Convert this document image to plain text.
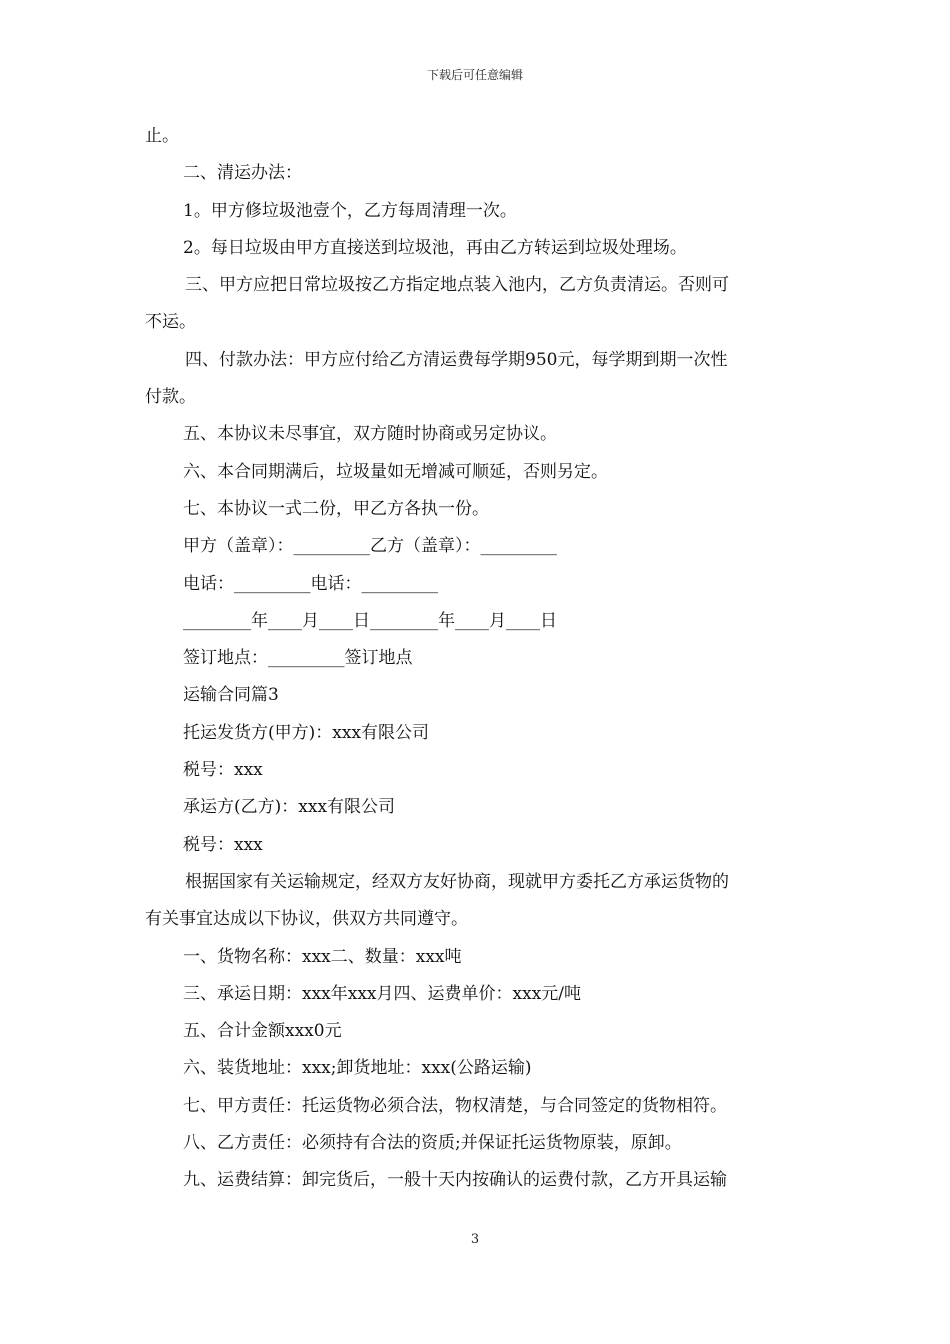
下载后可任意编辑
止。
二、清运办法：
1。甲方修垃圾池壹个，乙方每周清理一次。
2。每日垃圾由甲方直接送到垃圾池，再由乙方转运到垃圾处理场。
三、甲方应把日常垃圾按乙方指定地点装入池内，乙方负责清运。否则可
不运。
四、付款办法：甲方应付给乙方清运费每学期950元，每学期到期一次性
付款。
五、本协议未尽事宜，双方随时协商或另定协议。
六、本合同期满后，垃圾量如无增减可顺延，否则另定。
七、本协议一式二份，甲乙方各执一份。
甲方（盖章）：_________乙方（盖章）：_________
电话：_________电话：_________
________年____月____日________年____月____日
签订地点：_________签订地点
运输合同篇3
托运发货方(甲方)：xxx有限公司
税号：xxx
承运方(乙方)：xxx有限公司
税号：xxx
根据国家有关运输规定，经双方友好协商，现就甲方委托乙方承运货物的
有关事宜达成以下协议，供双方共同遵守。
一、货物名称：xxx二、数量：xxx吨
三、承运日期：xxx年xxx月四、运费单价：xxx元/吨
五、合计金额xxx0元
六、装货地址：xxx;卸货地址：xxx(公路运输)
七、甲方责任：托运货物必须合法，物权清楚，与合同签定的货物相符。
八、乙方责任：必须持有合法的资质;并保证托运货物原装，原卸。
九、运费结算：卸完货后，一般十天内按确认的运费付款，乙方开具运输
3
